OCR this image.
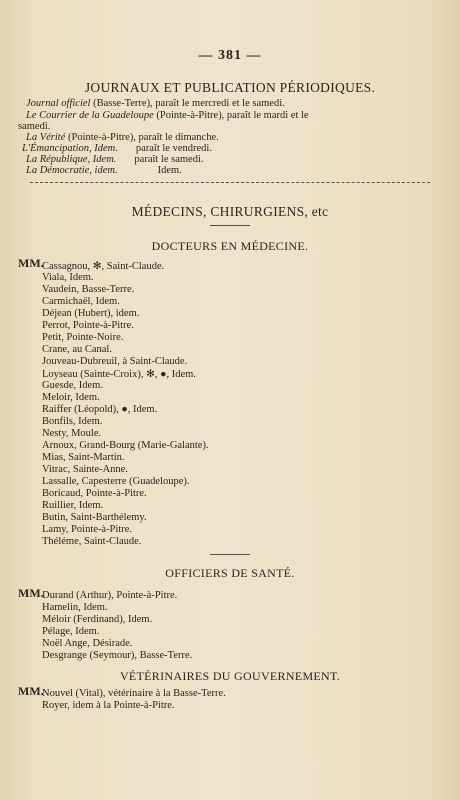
— 381 —
JOURNAUX ET PUBLICATION PÉRIODIQUES.
Journal officiel (Basse-Terre), paraît le mercredi et le samedi.
Le Courrier de la Guadeloupe (Pointe-à-Pitre), paraît le mardi et le
samedi.
La Vérité (Pointe-à-Pitre), paraît le dimanche.
L'Émancipation, Idem. paraît le vendredi.
La République, Idem. paraît le samedi.
La Démocratie, idem.	Idem.
MÉDECINS, CHIRURGIENS, etc
DOCTEURS EN MÉDECINE.
MM.
Cassagnou, ✻, Saint-Claude.
Viala, Idem.
Vaudein, Basse-Terre.
Carmichaël, Idem.
Déjean (Hubert), idem.
Perrot, Pointe-à-Pitre.
Petit, Pointe-Noire.
Crane, au Canal.
Jouveau-Dubreuil, à Saint-Claude.
Loyseau (Sainte-Croix), ✻, ●, Idem.
Guesde, Idem.
Meloir, Idem.
Raiffer (Léopold), ●, Idem.
Bonfils, Idem.
Nesty, Moule.
Arnoux, Grand-Bourg (Marie-Galante).
Mias, Saint-Martin.
Vitrac, Sainte-Anne.
Lassalle, Capesterre (Guadeloupe).
Boricaud, Pointe-à-Pitre.
Ruillier, Idem.
Butin, Saint-Barthélemy.
Lamy, Pointe-à-Pitre.
Théléme, Saint-Claude.
OFFICIERS DE SANTÉ.
MM.
Durand (Arthur), Pointe-à-Pitre.
Hamelin, Idem.
Méloir (Ferdinand), Idem.
Pélage, Idem.
Noël Ange, Désirade.
Desgrange (Seymour), Basse-Terre.
VÉTÉRINAIRES DU GOUVERNEMENT.
MM.
Nouvel (Vital), vétérinaire à la Basse-Terre.
Royer, idem à la Pointe-à-Pitre.
